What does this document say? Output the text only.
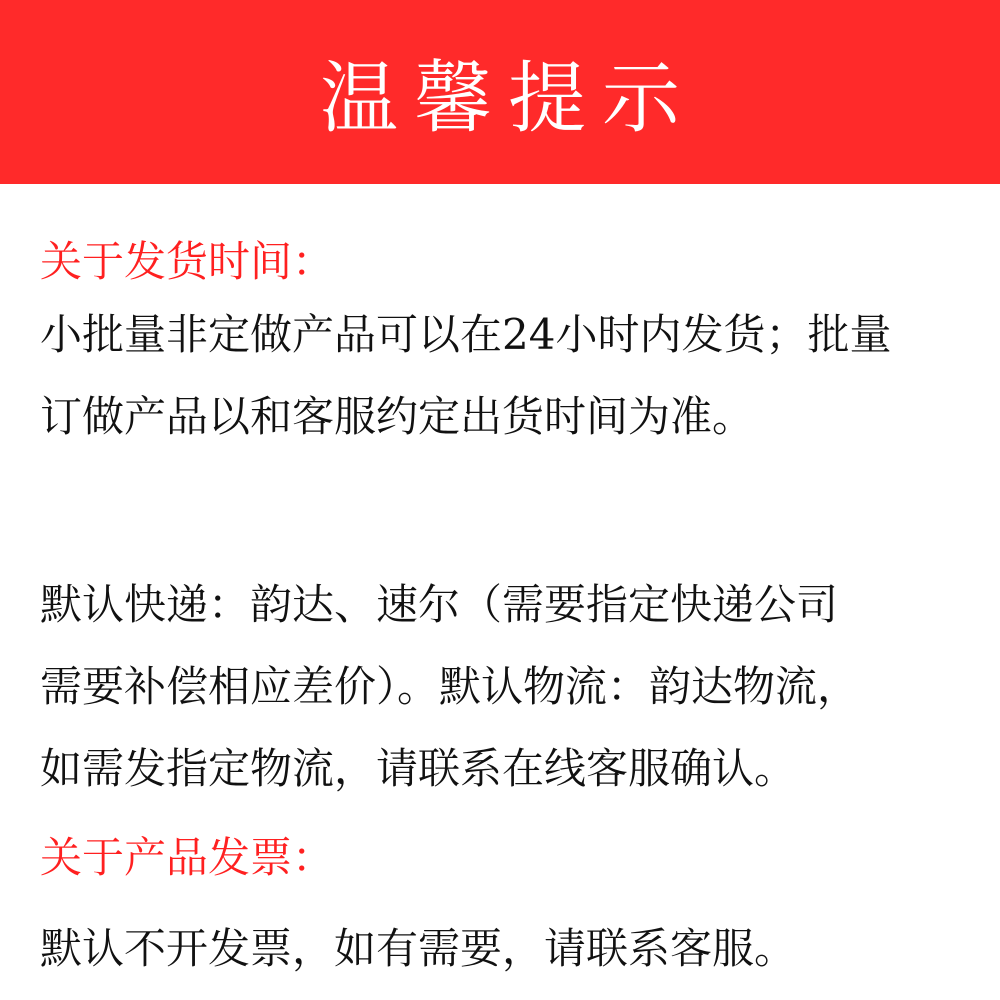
温馨提示

关于发货时间：

小批量非定做产品可以在24小时内发货；批量
订做产品以和客服约定出货时间为准。

默认快递：韵达、速尔（需要指定快递公司
需要补偿相应差价）。默认物流：韵达物流，
如需发指定物流，请联系在线客服确认。

关于产品发票：

默认不开发票，如有需要，请联系客服。
